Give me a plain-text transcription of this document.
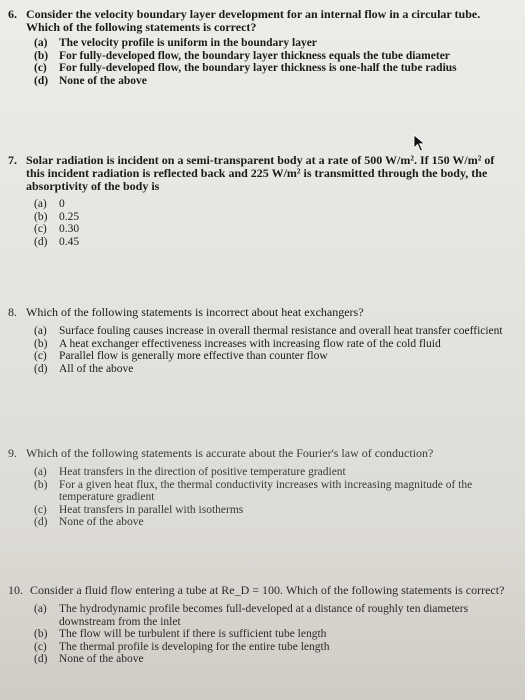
6. Consider the velocity boundary layer development for an internal flow in a circular tube. Which of the following statements is correct?
(a)	The velocity profile is uniform in the boundary layer
(b) For fully-developed flow, the boundary layer thickness equals the tube diameter
(c)	For fully-developed flow, the boundary layer thickness is one-half the tube radius
(d) None of the above
7. Solar radiation is incident on a semi-transparent body at a rate of 500 W/m². If 150 W/m² of this incident radiation is reflected back and 225 W/m² is transmitted through the body, the absorptivity of the body is
(a)	0
(b)	0.25
(c)	0.30
(d)	0.45
8. Which of the following statements is incorrect about heat exchangers?
(a)	Surface fouling causes increase in overall thermal resistance and overall heat transfer coefficient
(b)	A heat exchanger effectiveness increases with increasing flow rate of the cold fluid
(c)	Parallel flow is generally more effective than counter flow
(d)	All of the above
9. Which of the following statements is accurate about the Fourier's law of conduction?
(a)	Heat transfers in the direction of positive temperature gradient
(b)	For a given heat flux, the thermal conductivity increases with increasing magnitude of the temperature gradient
(c)	Heat transfers in parallel with isotherms
(d)	None of the above
10. Consider a fluid flow entering a tube at Re_D = 100. Which of the following statements is correct?
(a)	The hydrodynamic profile becomes full-developed at a distance of roughly ten diameters downstream from the inlet
(b)	The flow will be turbulent if there is sufficient tube length
(c)	The thermal profile is developing for the entire tube length
(d)	None of the above
